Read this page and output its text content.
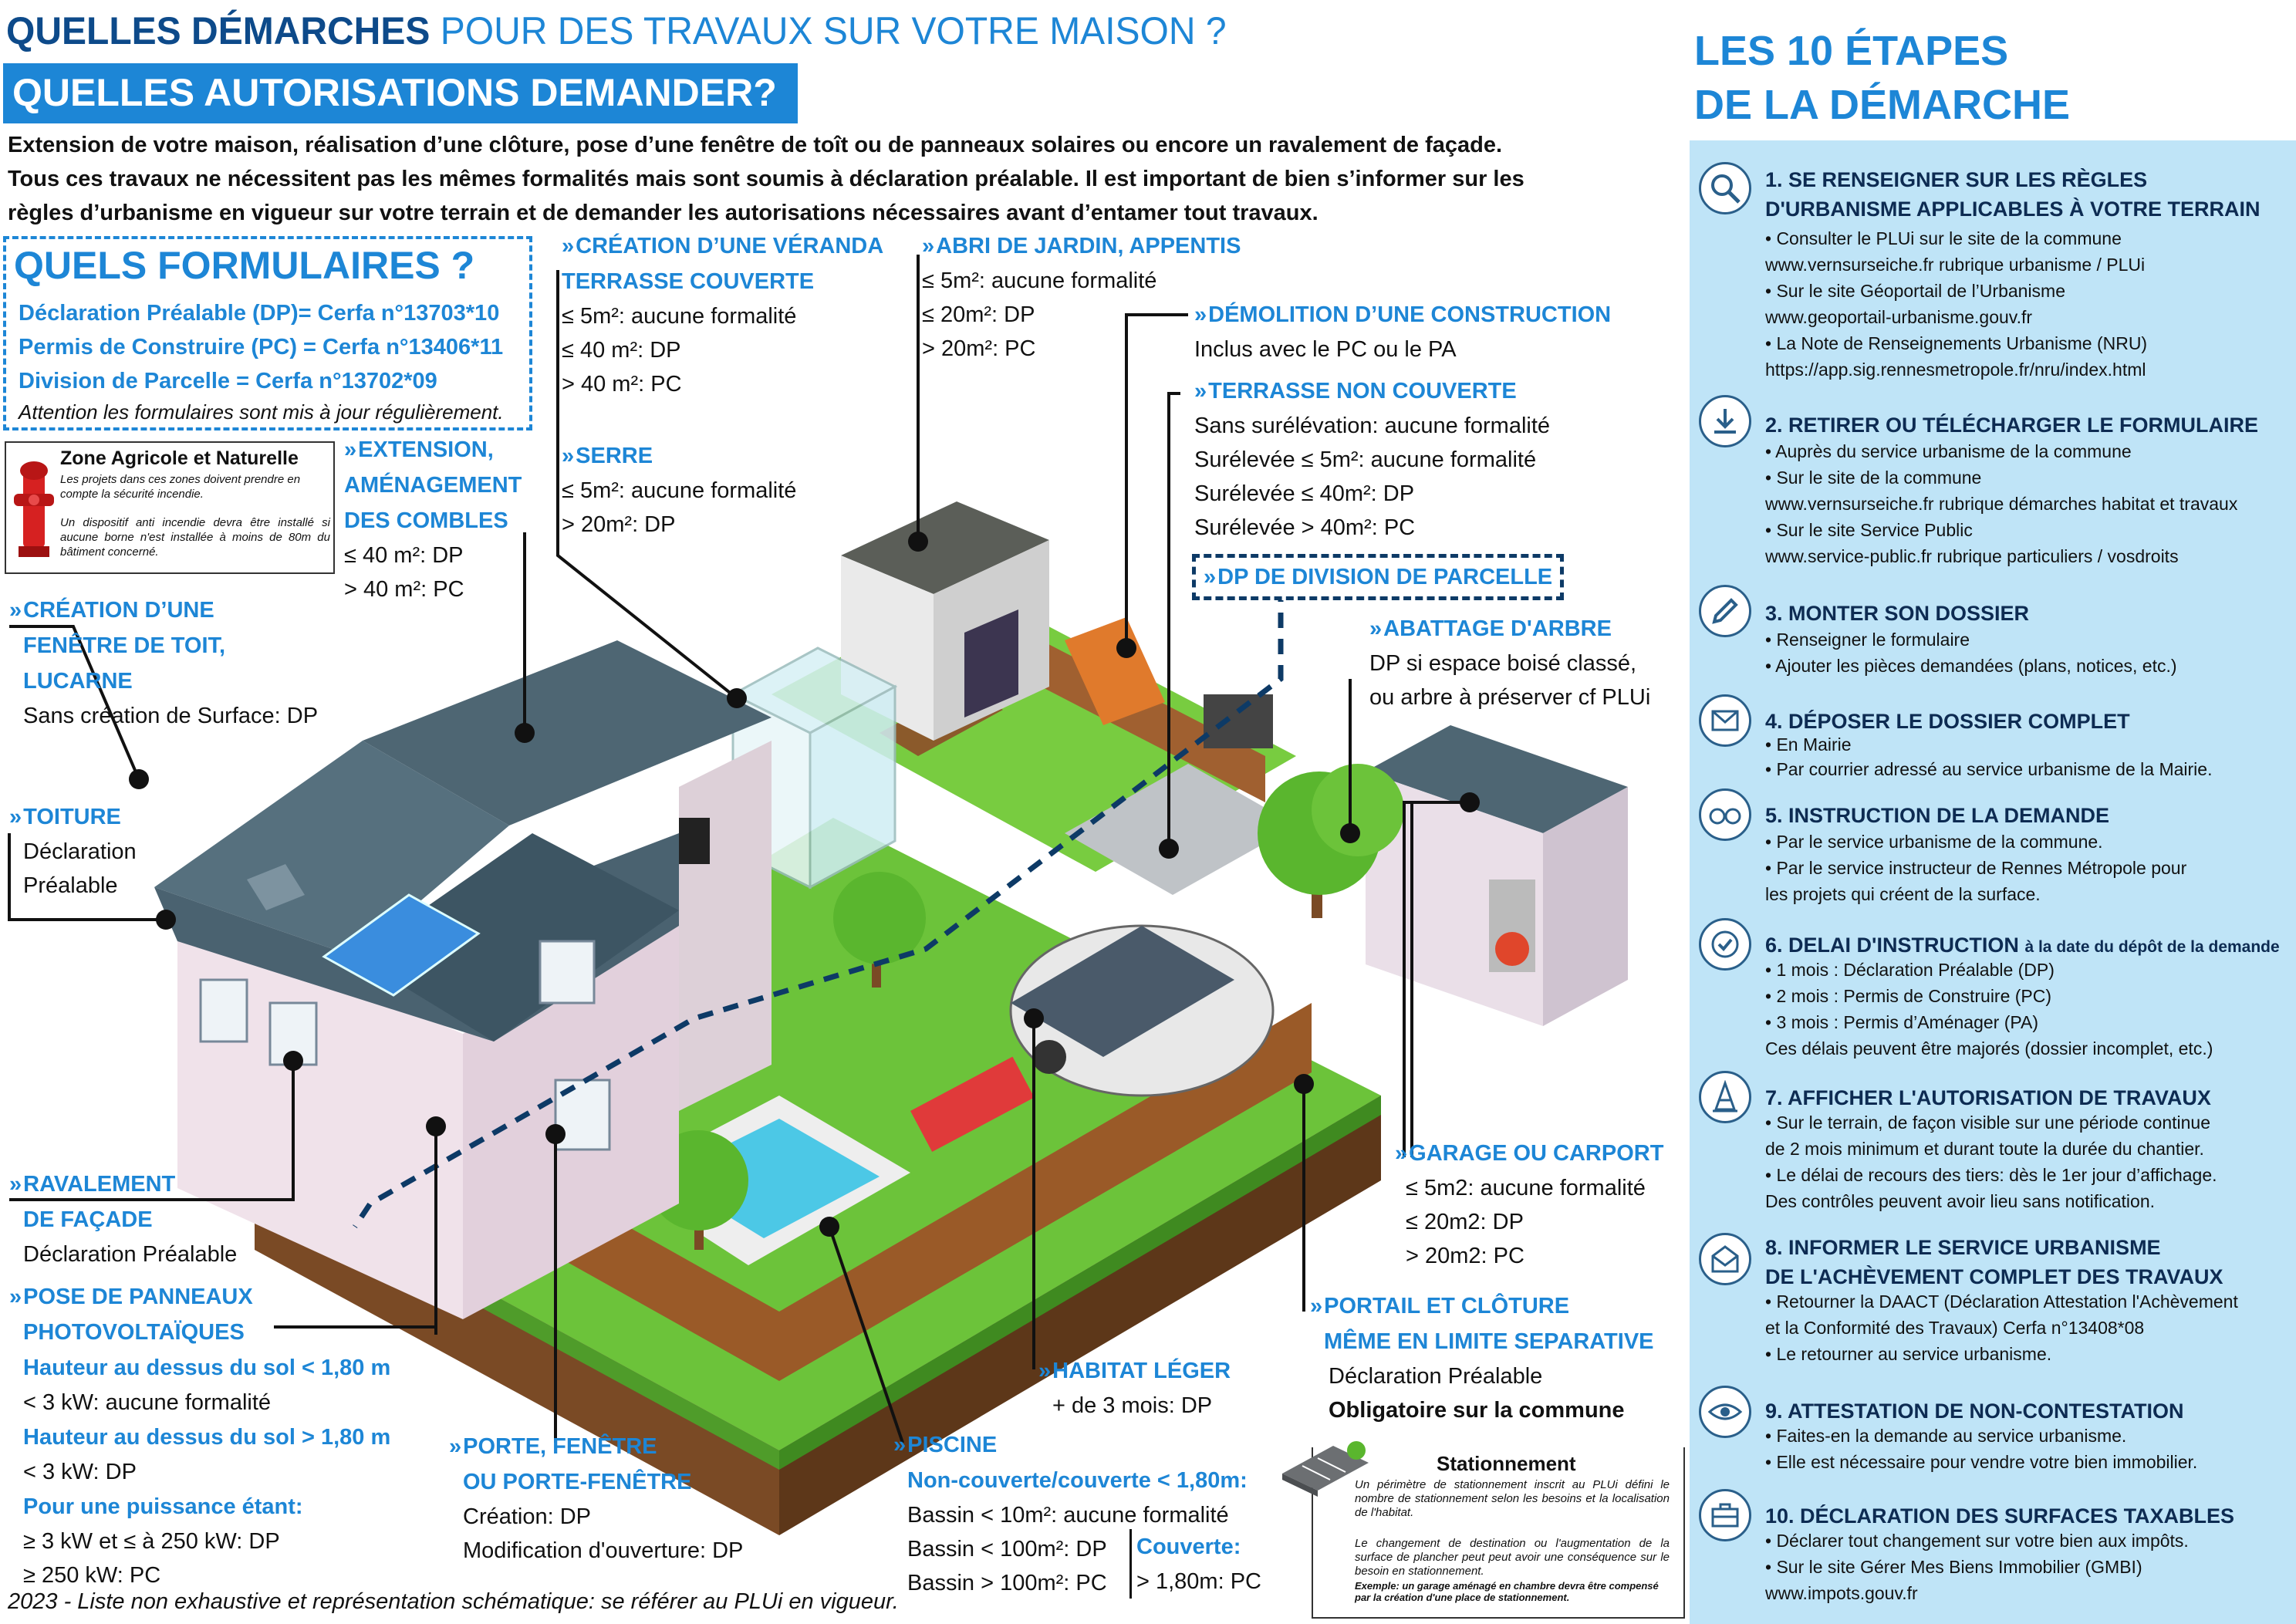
QUELLES DÉMARCHES POUR DES TRAVAUX SUR VOTRE MAISON ?
QUELLES AUTORISATIONS DEMANDER?
Extension de votre maison, réalisation d’une clôture, pose d’une fenêtre de toît ou de panneaux solaires ou encore un ravalement de façade.
Tous ces travaux ne nécessitent pas les mêmes formalités mais sont soumis à déclaration préalable. Il est important de bien s’informer sur les
règles d’urbanisme en vigueur sur votre terrain et de demander les autorisations nécessaires avant d’entamer tout travaux.
QUELS FORMULAIRES ?
Déclaration Préalable (DP)= Cerfa n°13703*10
Permis de Construire (PC) = Cerfa n°13406*11
Division de Parcelle = Cerfa n°13702*09
Attention les formulaires sont mis à jour régulièrement.
Zone Agricole et Naturelle
Les projets dans ces zones doivent prendre en compte la sécurité incendie.
Un dispositif anti incendie devra être installé si aucune borne n'est installée à moins de 80m du bâtiment concerné.
»CRÉATION D’UNE VÉRANDA
TERRASSE COUVERTE
≤ 5m²: aucune formalité
≤ 40 m²: DP
> 40 m²: PC
»SERRE
≤ 5m²: aucune formalité
> 20m²: DP
»ABRI DE JARDIN, APPENTIS
≤ 5m²: aucune formalité
≤ 20m²: DP
> 20m²: PC
»DÉMOLITION D’UNE CONSTRUCTION
Inclus avec le PC ou le PA
»TERRASSE NON COUVERTE
Sans surélévation: aucune formalité
Surélevée ≤ 5m²: aucune formalité
Surélevée ≤ 40m²: DP
Surélevée > 40m²: PC
»DP DE DIVISION DE PARCELLE
»ABATTAGE D'ARBRE
DP si espace boisé classé,
ou arbre à préserver cf PLUi
»EXTENSION,
AMÉNAGEMENT
DES COMBLES
≤ 40 m²: DP
> 40 m²: PC
»CRÉATION D’UNE
FENÊTRE DE TOIT,
LUCARNE
Sans création de Surface: DP
»TOITURE
Déclaration
Préalable
»RAVALEMENT
DE FAÇADE
Déclaration Préalable
»POSE DE PANNEAUX
PHOTOVOLTAÏQUES
Hauteur au dessus du sol < 1,80 m
< 3 kW: aucune formalité
Hauteur au dessus du sol > 1,80 m
< 3 kW: DP
Pour une puissance étant:
≥ 3 kW et ≤ à 250 kW: DP
≥ 250 kW: PC
»PORTE, FENÊTRE
OU PORTE-FENÊTRE
Création: DP
Modification d'ouverture: DP
»PISCINE
Non-couverte/couverte < 1,80m:
Bassin < 10m²: aucune formalité
Bassin < 100m²: DP
Bassin > 100m²: PC
Couverte:
> 1,80m: PC
»HABITAT LÉGER
+ de 3 mois: DP
»PORTAIL ET CLÔTURE
MÊME EN LIMITE SEPARATIVE
Déclaration Préalable
Obligatoire sur la commune
»GARAGE OU CARPORT
≤ 5m2: aucune formalité
≤ 20m2: DP
> 20m2: PC
Stationnement
Un périmètre de stationnement inscrit au PLUi défini le nombre de stationnement selon les besoins et la localisation de l'habitat.
Le changement de destination ou l'augmentation de la surface de plancher peut peut avoir une conséquence sur le besoin en stationnement.
Exemple: un garage aménagé en chambre devra être compensé par la création d'une place de stationnement.
2023 - Liste non exhaustive et représentation schématique: se référer au PLUi en vigueur.
LES 10 ÉTAPES
DE LA DÉMARCHE
1. SE RENSEIGNER SUR LES RÈGLES
D'URBANISME APPLICABLES À VOTRE TERRAIN
• Consulter le PLUi sur le site de la commune
www.vernsurseiche.fr rubrique urbanisme / PLUi
• Sur le site Géoportail de l’Urbanisme
www.geoportail-urbanisme.gouv.fr
• La Note de Renseignements Urbanisme (NRU)
https://app.sig.rennesmetropole.fr/nru/index.html
2. RETIRER OU TÉLÉCHARGER LE FORMULAIRE
• Auprès du service urbanisme de la commune
• Sur le site de la commune
www.vernsurseiche.fr rubrique démarches habitat et travaux
• Sur le site Service Public
www.service-public.fr rubrique particuliers / vosdroits
3. MONTER SON DOSSIER
• Renseigner le formulaire
• Ajouter les pièces demandées (plans, notices, etc.)
4. DÉPOSER LE DOSSIER COMPLET
• En Mairie
• Par courrier adressé au service urbanisme de la Mairie.
5. INSTRUCTION DE LA DEMANDE
• Par le service urbanisme de la commune.
• Par le service instructeur de Rennes Métropole pour
les projets qui créent de la surface.
6. DELAI D'INSTRUCTION à la date du dépôt de la demande
• 1 mois : Déclaration Préalable (DP)
• 2 mois : Permis de Construire (PC)
• 3 mois : Permis d’Aménager (PA)
Ces délais peuvent être majorés (dossier incomplet, etc.)
7. AFFICHER L'AUTORISATION DE TRAVAUX
• Sur le terrain, de façon visible sur une période continue
de 2 mois minimum et durant toute la durée du chantier.
• Le délai de recours des tiers: dès le 1er jour d’affichage.
Des contrôles peuvent avoir lieu sans notification.
8. INFORMER LE SERVICE URBANISME
DE L'ACHÈVEMENT COMPLET DES TRAVAUX
• Retourner la DAACT (Déclaration Attestation l'Achèvement
et la Conformité des Travaux) Cerfa n°13408*08
• Le retourner au service urbanisme.
9. ATTESTATION DE NON-CONTESTATION
• Faites-en la demande au service urbanisme.
• Elle est nécessaire pour vendre votre bien immobilier.
10. DÉCLARATION DES SURFACES TAXABLES
• Déclarer tout changement sur votre bien aux impôts.
• Sur le site Gérer Mes Biens Immobilier (GMBI)
www.impots.gouv.fr
